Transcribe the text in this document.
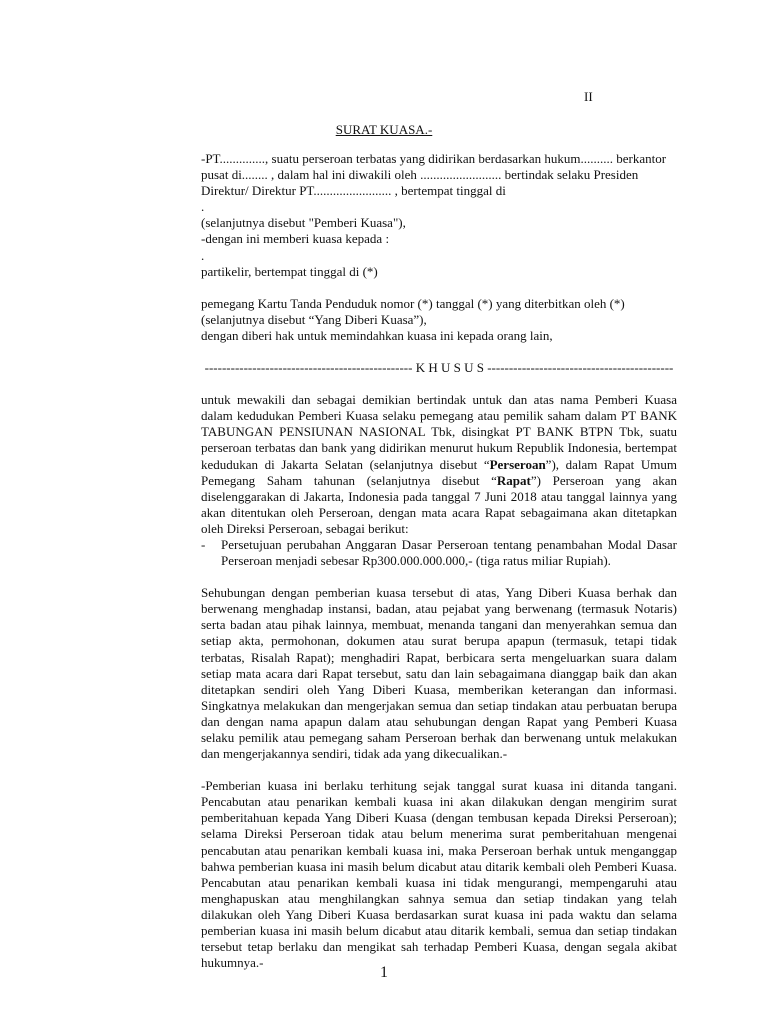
II
SURAT KUASA.-

-PT.............., suatu perseroan terbatas yang didirikan berdasarkan hukum.......... berkantor

pusat di........ , dalam hal ini diwakili oleh ......................... bertindak selaku Presiden

Direktur/ Direktur PT........................ , bertempat tinggal di

.

(selanjutnya disebut "Pemberi Kuasa"),

-dengan ini memberi kuasa kepada :

.

partikelir, bertempat tinggal di (*)

pemegang Kartu Tanda Penduduk nomor (*) tanggal (*) yang diterbitkan oleh (*)

(selanjutnya disebut “Yang Diberi Kuasa”),

dengan diberi hak untuk memindahkan kuasa ini kepada orang lain,

------------------------------------------------ K H U S U S -------------------------------------------

untuk mewakili dan sebagai demikian bertindak untuk dan atas nama Pemberi Kuasa dalam kedudukan Pemberi Kuasa selaku pemegang atau pemilik saham dalam PT BANK TABUNGAN PENSIUNAN NASIONAL Tbk, disingkat PT BANK BTPN Tbk, suatu perseroan terbatas dan bank yang didirikan menurut hukum Republik Indonesia, bertempat kedudukan di Jakarta Selatan (selanjutnya disebut “Perseroan”), dalam Rapat Umum Pemegang Saham tahunan (selanjutnya disebut “Rapat”) Perseroan yang akan diselenggarakan di Jakarta, Indonesia pada tanggal 7 Juni 2018 atau tanggal lainnya yang akan ditentukan oleh Perseroan, dengan mata acara Rapat sebagaimana akan ditetapkan oleh Direksi Perseroan, sebagai berikut:

-	Persetujuan perubahan Anggaran Dasar Perseroan tentang penambahan Modal Dasar Perseroan menjadi sebesar Rp300.000.000.000,- (tiga ratus miliar Rupiah).

Sehubungan dengan pemberian kuasa tersebut di atas, Yang Diberi Kuasa berhak dan berwenang menghadap instansi, badan, atau pejabat yang berwenang (termasuk Notaris) serta badan atau pihak lainnya, membuat, menanda tangani dan menyerahkan semua dan setiap akta, permohonan, dokumen atau surat berupa apapun (termasuk, tetapi tidak terbatas, Risalah Rapat); menghadiri Rapat, berbicara serta mengeluarkan suara dalam setiap mata acara dari Rapat tersebut, satu dan lain sebagaimana dianggap baik dan akan ditetapkan sendiri oleh Yang Diberi Kuasa, memberikan keterangan dan informasi. Singkatnya melakukan dan mengerjakan semua dan setiap tindakan atau perbuatan berupa dan dengan nama apapun dalam atau sehubungan dengan Rapat yang Pemberi Kuasa selaku pemilik atau pemegang saham Perseroan berhak dan berwenang untuk melakukan dan mengerjakannya sendiri, tidak ada yang dikecualikan.-

-Pemberian kuasa ini berlaku terhitung sejak tanggal surat kuasa ini ditanda tangani. Pencabutan atau penarikan kembali kuasa ini akan dilakukan dengan mengirim surat pemberitahuan kepada Yang Diberi Kuasa (dengan tembusan kepada Direksi Perseroan); selama Direksi Perseroan tidak atau belum menerima surat pemberitahuan mengenai pencabutan atau penarikan kembali kuasa ini, maka Perseroan berhak untuk menganggap bahwa pemberian kuasa ini masih belum dicabut atau ditarik kembali oleh Pemberi Kuasa. Pencabutan atau penarikan kembali kuasa ini tidak mengurangi, mempengaruhi atau menghapuskan atau menghilangkan sahnya semua dan setiap tindakan yang telah dilakukan oleh Yang Diberi Kuasa berdasarkan surat kuasa ini pada waktu dan selama pemberian kuasa ini masih belum dicabut atau ditarik kembali, semua dan setiap tindakan tersebut tetap berlaku dan mengikat sah terhadap Pemberi Kuasa, dengan segala akibat hukumnya.-

1
